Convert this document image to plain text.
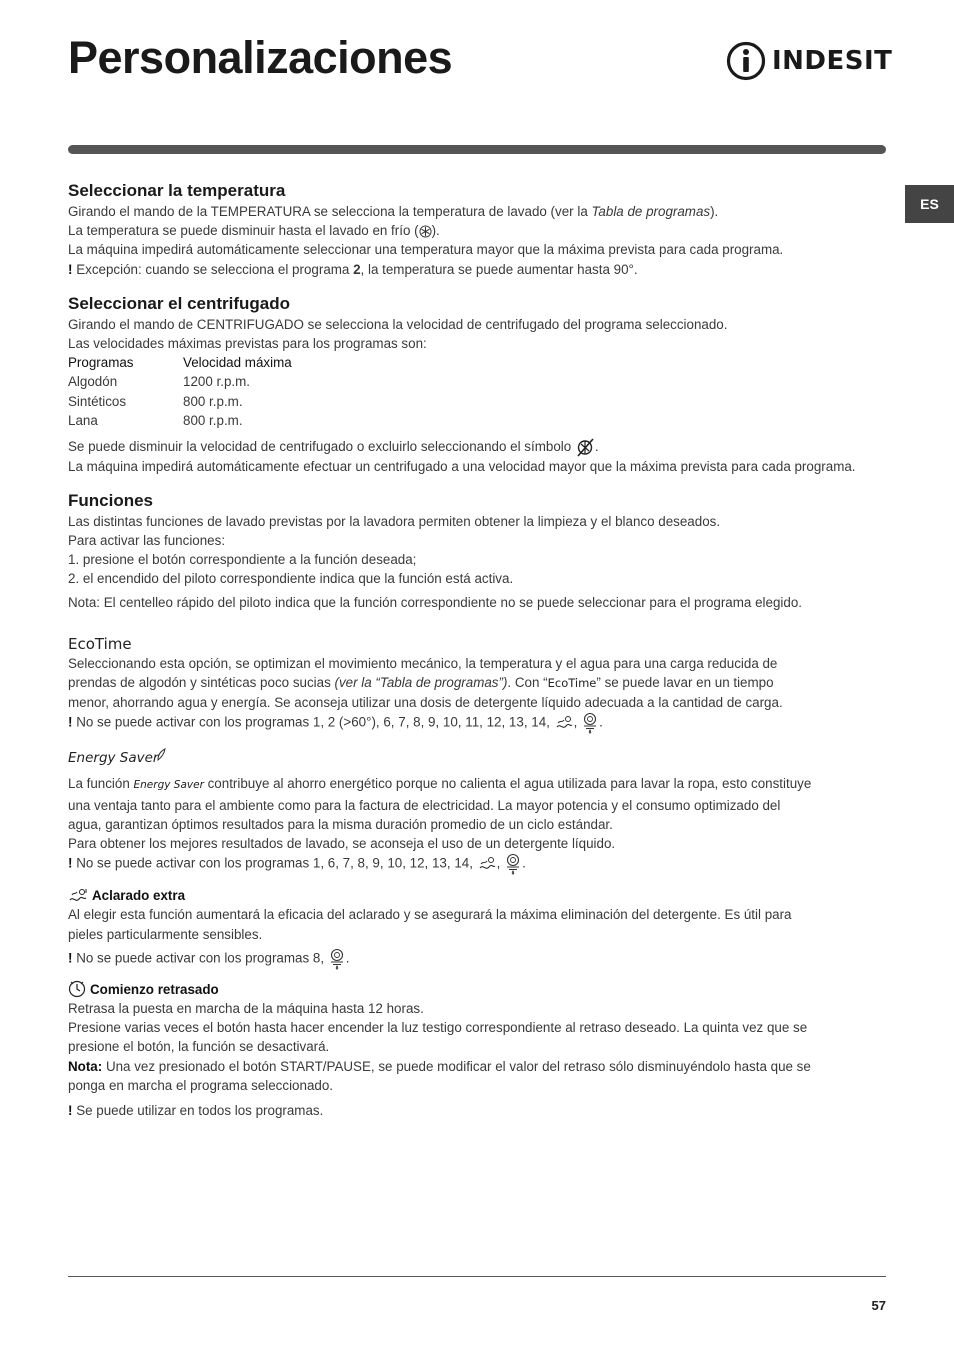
Personalizaciones	INDESIT
ES
Seleccionar la temperatura

Girando el mando de la TEMPERATURA se selecciona la temperatura de lavado (ver la Tabla de programas).

La temperatura se puede disminuir hasta el lavado en frío ( ).

La máquina impedirá automáticamente seleccionar una temperatura mayor que la máxima prevista para cada programa.

! Excepción: cuando se selecciona el programa 2, la temperatura se puede aumentar hasta 90°.

Seleccionar el centrifugado

Girando el mando de CENTRIFUGADO se selecciona la velocidad de centrifugado del programa seleccionado.

Las velocidades máximas previstas para los programas son:

Programas	Velocidad máxima
Algodón	1200 r.p.m.
Sintéticos	800 r.p.m.
Lana	800 r.p.m.

Se puede disminuir la velocidad de centrifugado o excluirlo seleccionando el símbolo .

La máquina impedirá automáticamente efectuar un centrifugado a una velocidad mayor que la máxima prevista para cada programa.

Funciones

Las distintas funciones de lavado previstas por la lavadora permiten obtener la limpieza y el blanco deseados.

Para activar las funciones:

1. presione el botón correspondiente a la función deseada;

2. el encendido del piloto correspondiente indica que la función está activa.

Nota: El centelleo rápido del piloto indica que la función correspondiente no se puede seleccionar para el programa elegido.

EcoTime

Seleccionando esta opción, se optimizan el movimiento mecánico, la temperatura y el agua para una carga reducida de

prendas de algodón y sintéticas poco sucias (ver la “Tabla de programas”). Con “EcoTime” se puede lavar en un tiempo

menor, ahorrando agua y energía. Se aconseja utilizar una dosis de detergente líquido adecuada a la cantidad de carga.

! No se puede activar con los programas 1, 2 (>60°), 6, 7, 8, 9, 10, 11, 12, 13, 14, , .

Energy Saver

La función Energy Saver contribuye al ahorro energético porque no calienta el agua utilizada para lavar la ropa, esto constituye

una ventaja tanto para el ambiente como para la factura de electricidad. La mayor potencia y el consumo optimizado del

agua, garantizan óptimos resultados para la misma duración promedio de un ciclo estándar.

Para obtener los mejores resultados de lavado, se aconseja el uso de un detergente líquido.

! No se puede activar con los programas 1, 6, 7, 8, 9, 10, 12, 13, 14, , .

Aclarado extra

Al elegir esta función aumentará la eficacia del aclarado y se asegurará la máxima eliminación del detergente. Es útil para

pieles particularmente sensibles.

! No se puede activar con los programas 8, .

Comienzo retrasado

Retrasa la puesta en marcha de la máquina hasta 12 horas.

Presione varias veces el botón hasta hacer encender la luz testigo correspondiente al retraso deseado. La quinta vez que se

presione el botón, la función se desactivará.

Nota: Una vez presionado el botón START/PAUSE, se puede modificar el valor del retraso sólo disminuyéndolo hasta que se

ponga en marcha el programa seleccionado.

! Se puede utilizar en todos los programas.

57
